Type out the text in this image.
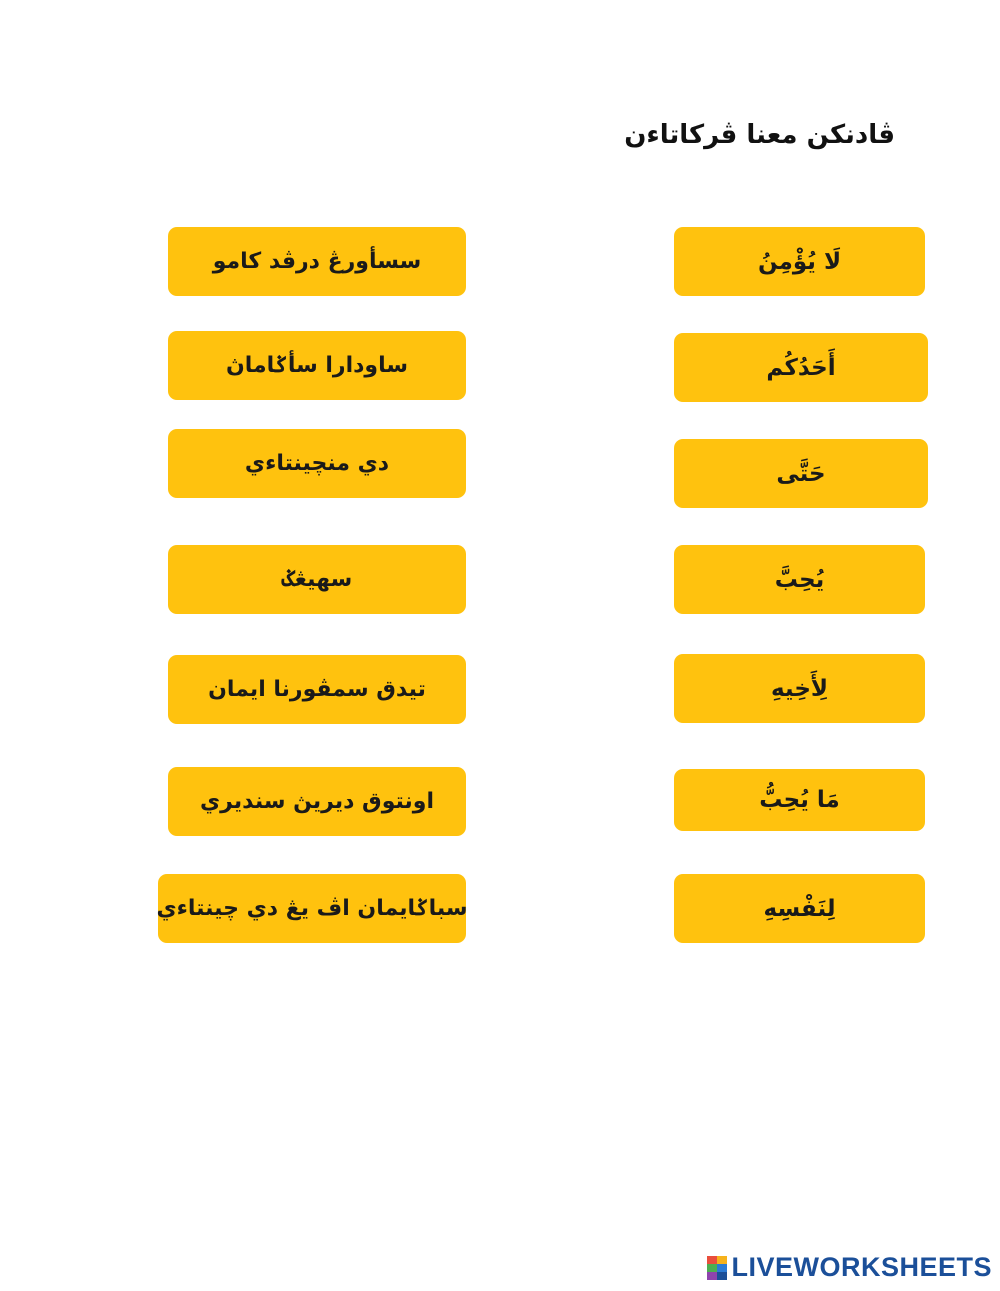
ڤادنكن معنا ڤركاتاءن
سسأورڠ درڤد كامو
ساودارا سأݢاماڽ
دي منچينتاءي
سهيڠݢ
تيدق سمڤورنا ايمان
اونتوق ديريڽ سنديري
سباݢايمان اڤ يڠ دي چينتاءي
لَا يُؤْمِنُ
أَحَدُكُم
حَتَّى
يُحِبَّ
لِأَخِيهِ
مَا يُحِبُّ
لِنَفْسِهِ
LIVEWORKSHEETS
